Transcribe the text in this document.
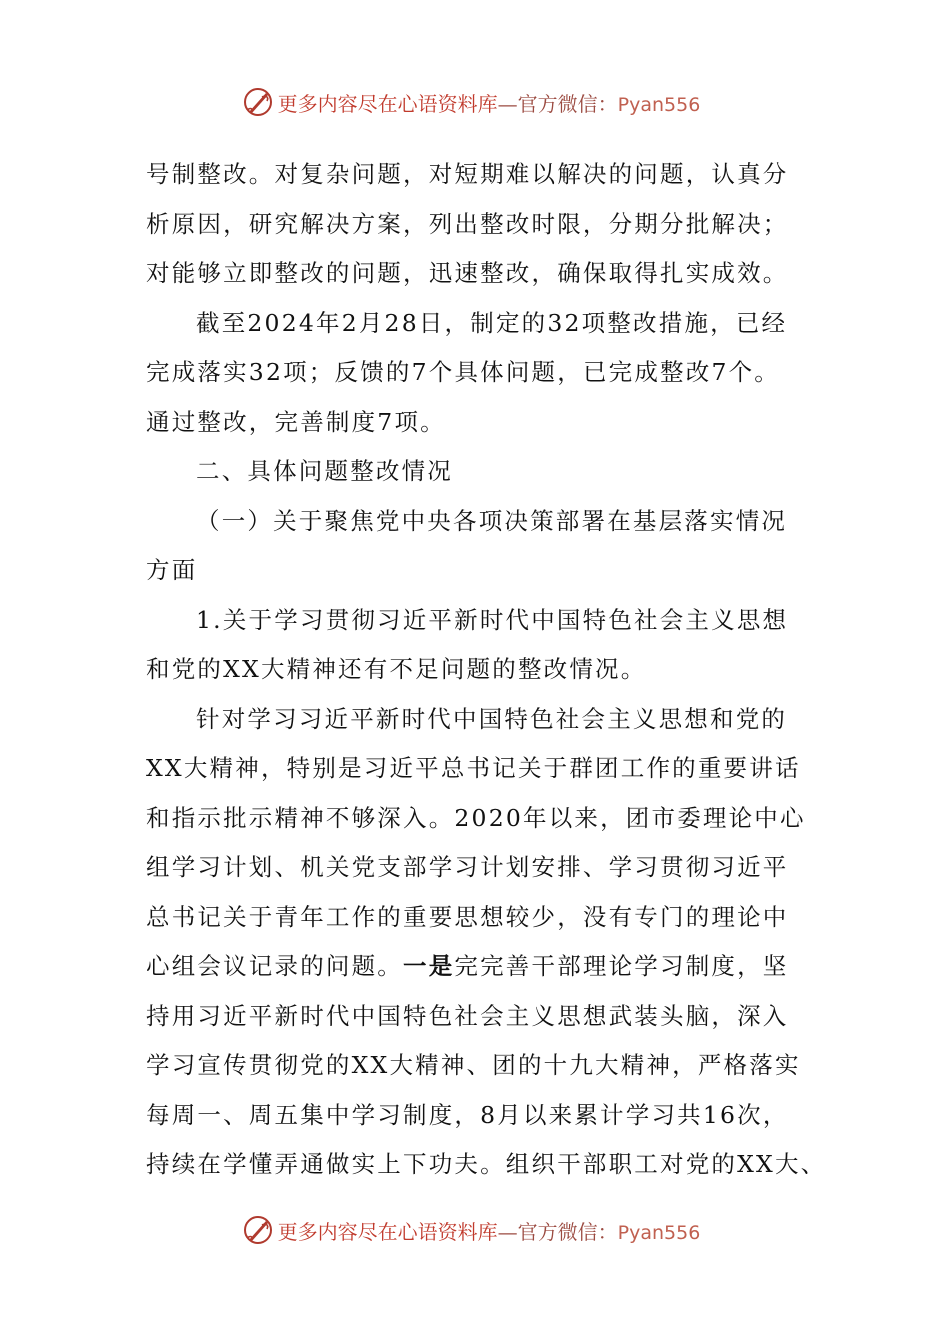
更多内容尽在心语资料库—官方微信：Pyan556
号制整改。对复杂问题，对短期难以解决的问题，认真分
析原因，研究解决方案，列出整改时限，分期分批解决；
对能够立即整改的问题，迅速整改，确保取得扎实成效。
截至2024年2月28日，制定的32项整改措施，已经
完成落实32项；反馈的7个具体问题，已完成整改7个。
通过整改，完善制度7项。
二、具体问题整改情况
（一）关于聚焦党中央各项决策部署在基层落实情况
方面
1.关于学习贯彻习近平新时代中国特色社会主义思想
和党的XX大精神还有不足问题的整改情况。
针对学习习近平新时代中国特色社会主义思想和党的
XX大精神，特别是习近平总书记关于群团工作的重要讲话
和指示批示精神不够深入。2020年以来，团市委理论中心
组学习计划、机关党支部学习计划安排、学习贯彻习近平
总书记关于青年工作的重要思想较少，没有专门的理论中
心组会议记录的问题。一是完完善干部理论学习制度，坚
持用习近平新时代中国特色社会主义思想武装头脑，深入
学习宣传贯彻党的XX大精神、团的十九大精神，严格落实
每周一、周五集中学习制度，8月以来累计学习共16次，
持续在学懂弄通做实上下功夫。组织干部职工对党的XX大、
更多内容尽在心语资料库—官方微信：Pyan556
